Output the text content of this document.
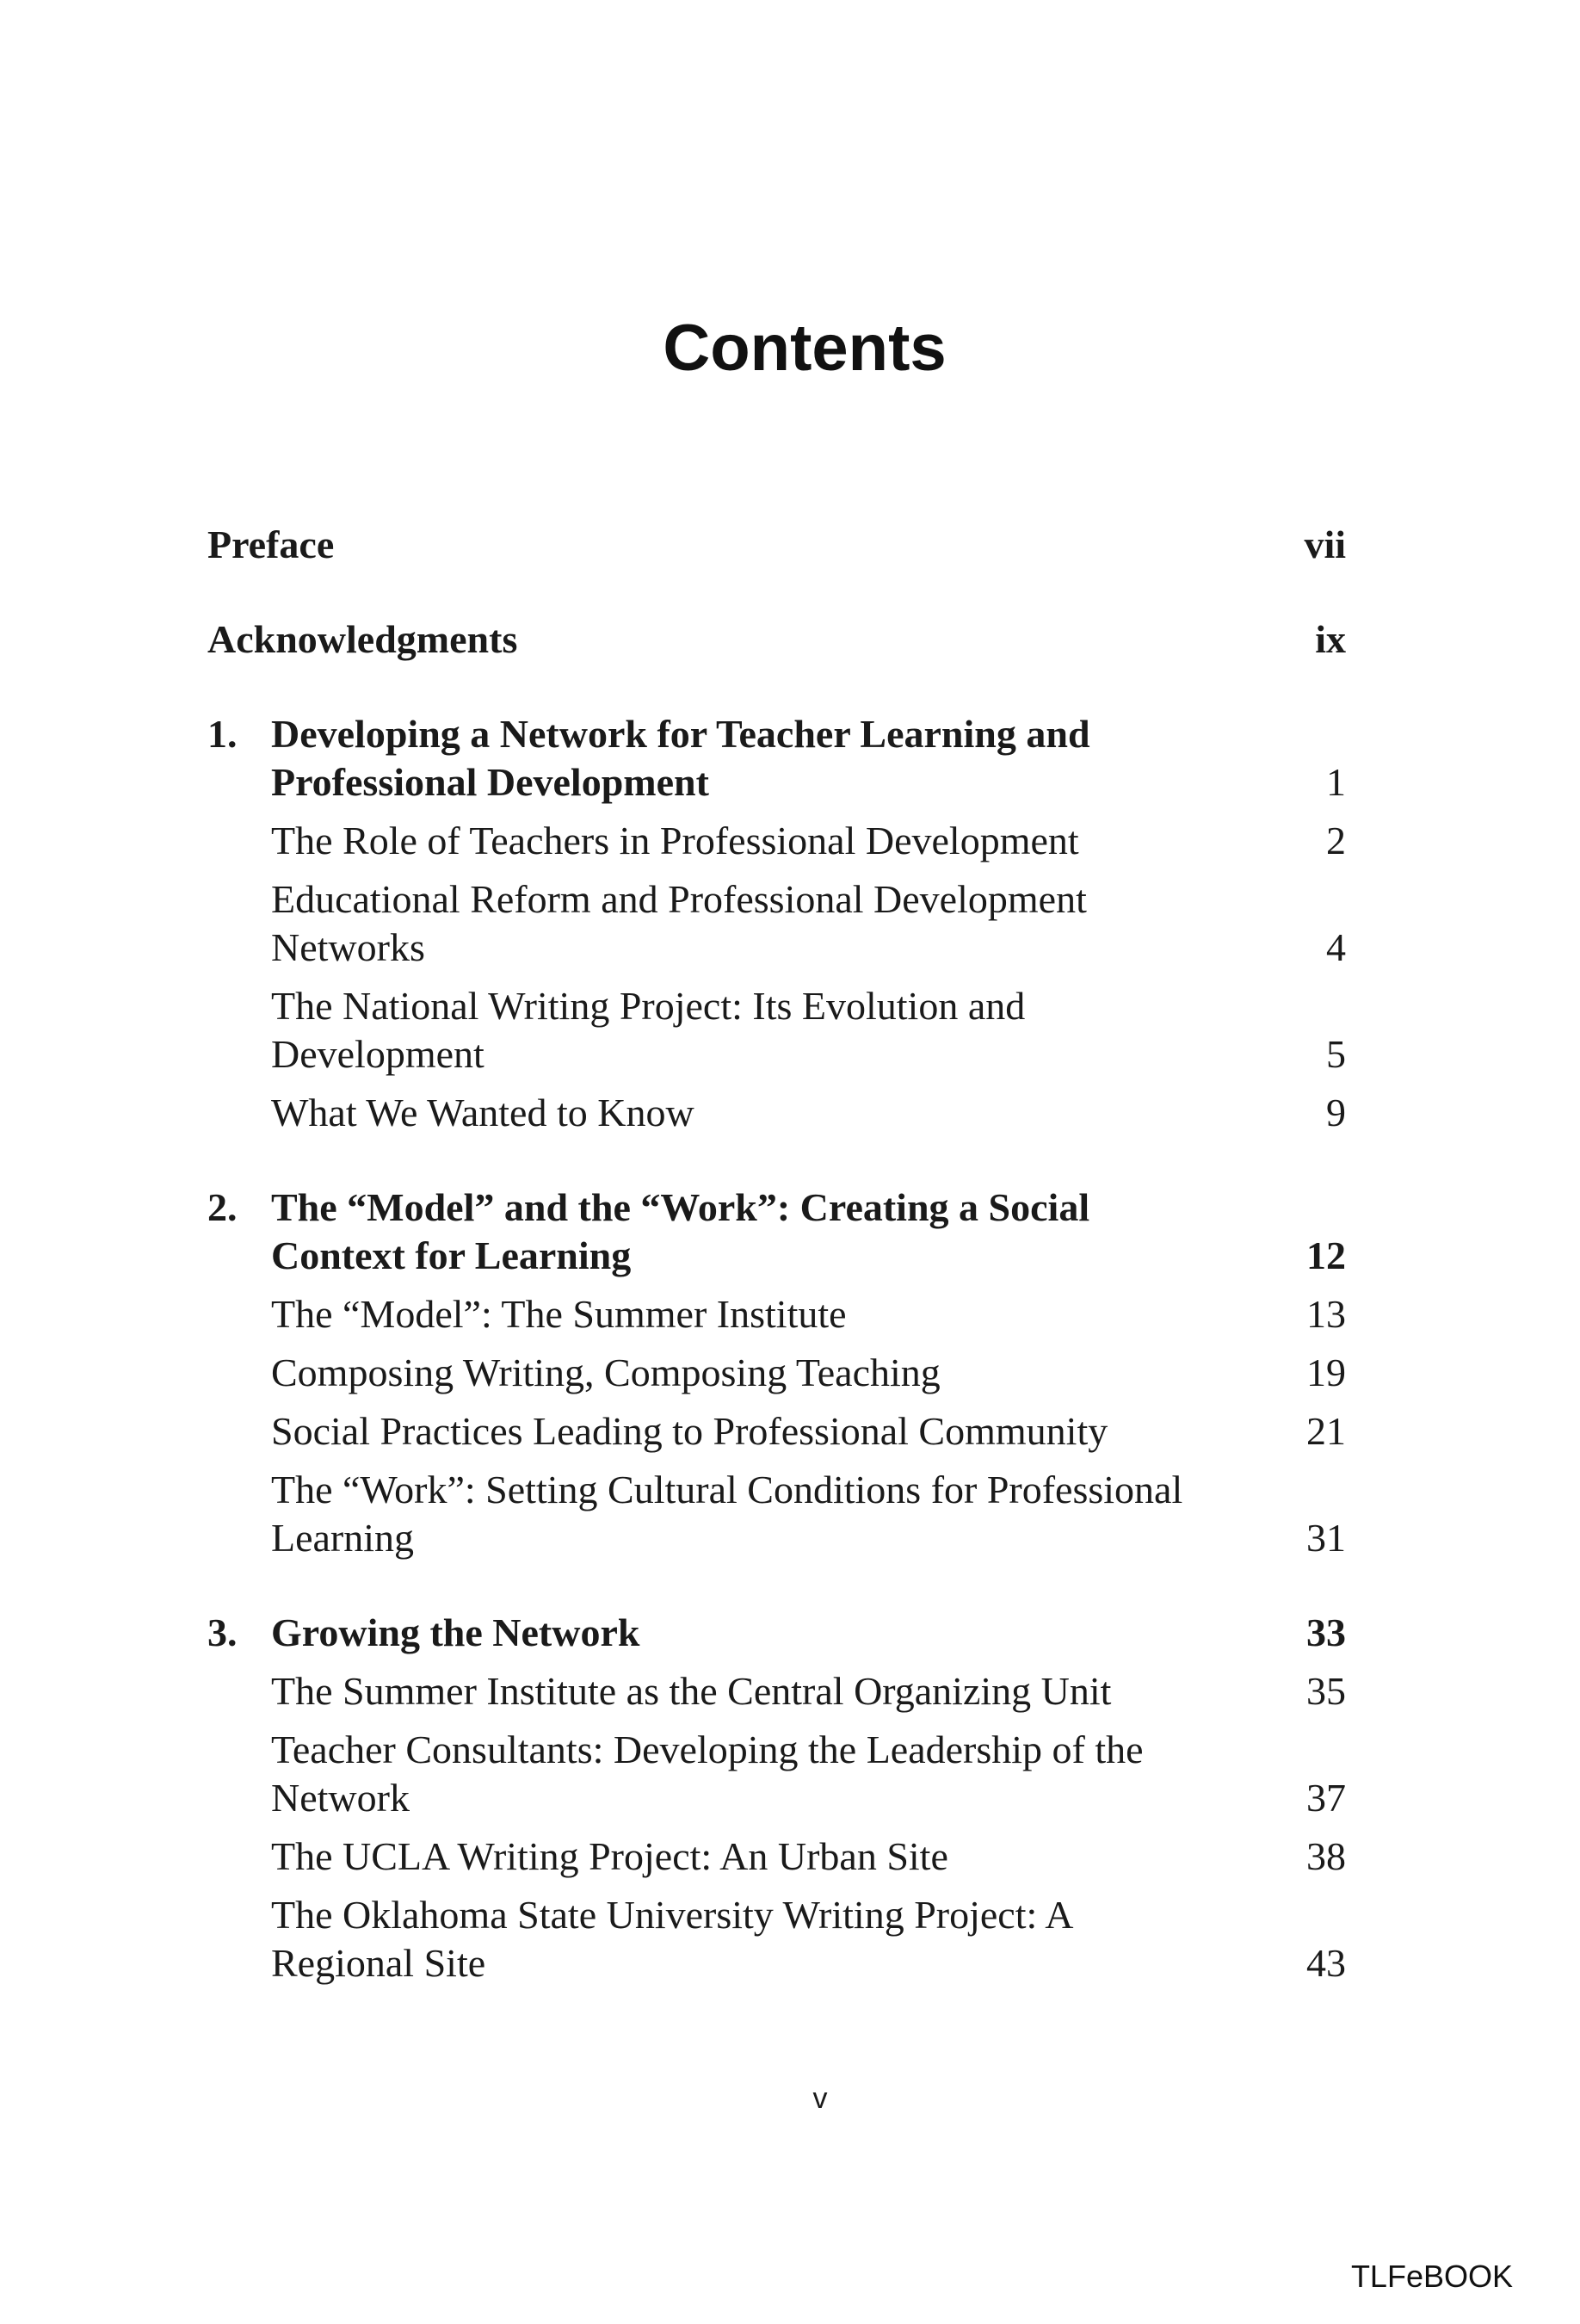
Contents
Preface	vii
Acknowledgments	ix
1. Developing a Network for Teacher Learning and Professional Development	1
The Role of Teachers in Professional Development	2
Educational Reform and Professional Development Networks	4
The National Writing Project: Its Evolution and Development	5
What We Wanted to Know	9
2. The “Model” and the “Work”: Creating a Social Context for Learning	12
The “Model”: The Summer Institute	13
Composing Writing, Composing Teaching	19
Social Practices Leading to Professional Community	21
The “Work”: Setting Cultural Conditions for Professional Learning	31
3. Growing the Network	33
The Summer Institute as the Central Organizing Unit	35
Teacher Consultants: Developing the Leadership of the Network	37
The UCLA Writing Project: An Urban Site	38
The Oklahoma State University Writing Project: A Regional Site	43
v
TLFeBOOK
